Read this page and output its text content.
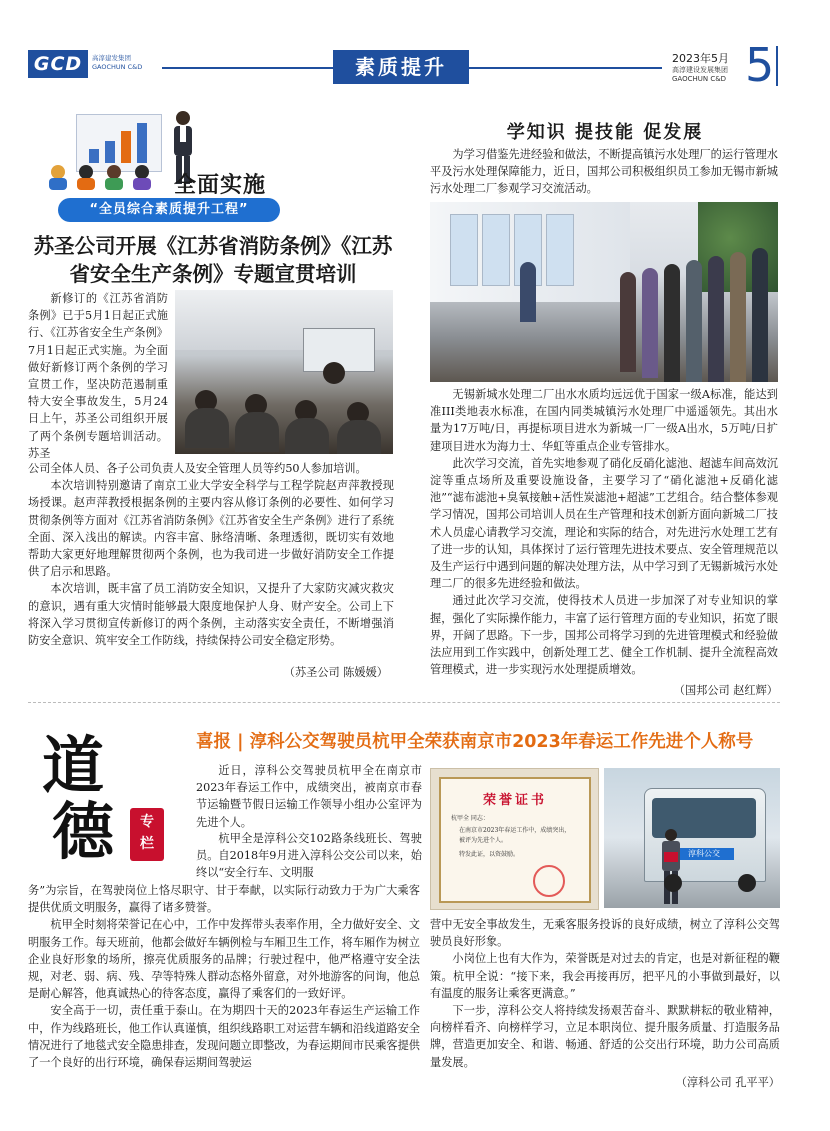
GCD	高淳建发集团
GAOCHUN C&D	素质提升	2023年5月
高淳建设发展集团
GAOCHUN C&D 5
全面实施
“全员综合素质提升工程”
苏圣公司开展《江苏省消防条例》《江苏省安全生产条例》专题宣贯培训

新修订的《江苏省消防条例》已于5月1日起正式施行、《江苏省安全生产条例》7月1日起正式实施。为全面做好新修订两个条例的学习宣贯工作，坚决防范遏制重特大安全事故发生，5月24日上午，苏圣公司组织开展了两个条例专题培训活动。苏圣

公司全体人员、各子公司负责人及安全管理人员等约50人参加培训。

本次培训特别邀请了南京工业大学安全科学与工程学院赵声萍教授现场授课。赵声萍教授根据条例的主要内容从修订条例的必要性、如何学习贯彻条例等方面对《江苏省消防条例》《江苏省安全生产条例》进行了系统全面、深入浅出的解读。内容丰富、脉络清晰、条理透彻，既切实有效地帮助大家更好地理解贯彻两个条例，也为我司进一步做好消防安全工作提供了启示和思路。

本次培训，既丰富了员工消防安全知识，又提升了大家防灾减灾救灾的意识，遇有重大灾情时能够最大限度地保护人身、财产安全。公司上下将深入学习贯彻宣传新修订的两个条例，主动落实安全责任，不断增强消防安全意识、筑牢安全工作防线，持续保持公司安全稳定形势。

（苏圣公司 陈媛媛）
学知识 提技能 促发展

为学习借鉴先进经验和做法，不断提高镇污水处理厂的运行管理水平及污水处理保障能力，近日，国邦公司积极组织员工参加无锡市新城污水处理二厂参观学习交流活动。

无锡新城水处理二厂出水水质均远远优于国家一级A标准，能达到准III类地表水标准，在国内同类城镇污水处理厂中遥遥领先。其出水量为17万吨/日，再提标项目进水为新城一厂一级A出水，5万吨/日扩建项目进水为海力士、华虹等重点企业专管排水。

此次学习交流，首先实地参观了硝化反硝化滤池、超滤车间高效沉淀等重点场所及重要设施设备，主要学习了“硝化滤池+反硝化滤池”“滤布滤池+臭氧接触+活性炭滤池+超滤”工艺组合。结合整体参观学习情况，国邦公司培训人员在生产管理和技术创新方面向新城二厂技术人员虚心请教学习交流，理论和实际的结合，对先进污水处理工艺有了进一步的认知，具体探讨了运行管理先进技术要点、安全管理规范以及生产运行中遇到问题的解决处理方法，从中学习到了无锡新城污水处理二厂的很多先进经验和做法。

通过此次学习交流，使得技术人员进一步加深了对专业知识的掌握，强化了实际操作能力，丰富了运行管理方面的专业知识，拓宽了眼界，开阔了思路。下一步，国邦公司将学习到的先进管理模式和经验做法应用到工作实践中，创新处理工艺、健全工作机制、提升全流程高效管理模式，进一步实现污水处理提质增效。

（国邦公司 赵红辉）
道
德	专
栏
喜报 | 淳科公交驾驶员杭甲全荣获南京市2023年春运工作先进个人称号

近日，淳科公交驾驶员杭甲全在南京市2023年春运工作中，成绩突出，被南京市春节运输暨节假日运输工作领导小组办公室评为先进个人。

杭甲全是淳科公交102路条线班长、驾驶员。自2018年9月进入淳科公交公司以来，始终以“安全行车、文明服

荣誉证书
杭甲全 同志：
在南京市2023年春运工作中，成绩突出，
被评为先进个人。
特发此证，以资鼓励。	淳科公交

务”为宗旨，在驾驶岗位上恪尽职守、甘于奉献，以实际行动致力于为广大乘客提供优质文明服务，赢得了诸多赞誉。

杭甲全时刻将荣誉记在心中，工作中发挥带头表率作用，全力做好安全、文明服务工作。每天班前，他都会做好车辆例检与车厢卫生工作，将车厢作为树立企业良好形象的场所，擦亮优质服务的品牌；行驶过程中，他严格遵守安全法规，对老、弱、病、残、孕等特殊人群动态格外留意，对外地游客的问询，他总是耐心解答，他真诚热心的待客态度，赢得了乘客们的一致好评。

安全高于一切，责任重于泰山。在为期四十天的2023年春运生产运输工作中，作为线路班长，他工作认真谨慎，组织线路职工对运营车辆和沿线道路安全情况进行了地毯式安全隐患排查，发现问题立即整改，为春运期间市民乘客提供了一个良好的出行环境，确保春运期间驾驶运

营中无安全事故发生，无乘客服务投诉的良好成绩，树立了淳科公交驾驶员良好形象。

小岗位上也有大作为，荣誉既是对过去的肯定，也是对新征程的鞭策。杭甲全说：“接下来，我会再接再厉，把平凡的小事做到最好，以有温度的服务让乘客更满意。”

下一步，淳科公交人将持续发扬艰苦奋斗、默默耕耘的敬业精神，向榜样看齐、向榜样学习，立足本职岗位、提升服务质量、打造服务品牌，营造更加安全、和谐、畅通、舒适的公交出行环境，助力公司高质量发展。

（淳科公司 孔平平）
